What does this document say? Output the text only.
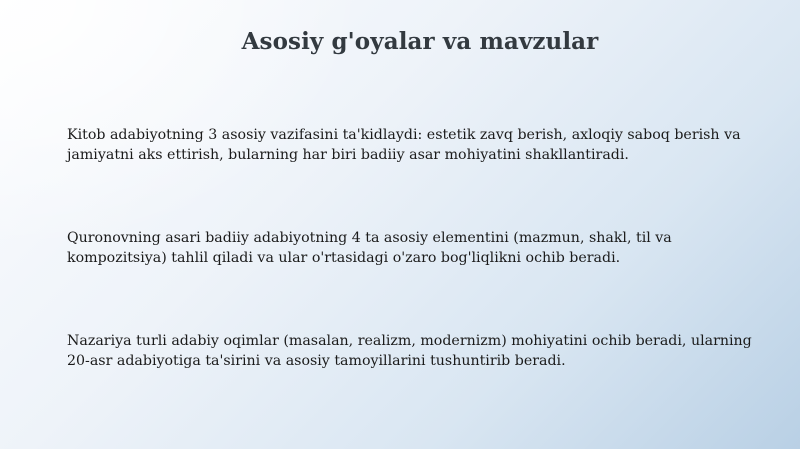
Asosiy g'oyalar va mavzular

Kitob adabiyotning 3 asosiy vazifasini ta'kidlaydi: estetik zavq berish, axloqiy saboq berish va jamiyatni aks ettirish, bularning har biri badiiy asar mohiyatini shakllantiradi.

Quronovning asari badiiy adabiyotning 4 ta asosiy elementini (mazmun, shakl, til va kompozitsiya) tahlil qiladi va ular o'rtasidagi o'zaro bog'liqlikni ochib beradi.

Nazariya turli adabiy oqimlar (masalan, realizm, modernizm) mohiyatini ochib beradi, ularning 20-asr adabiyotiga ta'sirini va asosiy tamoyillarini tushuntirib beradi.
